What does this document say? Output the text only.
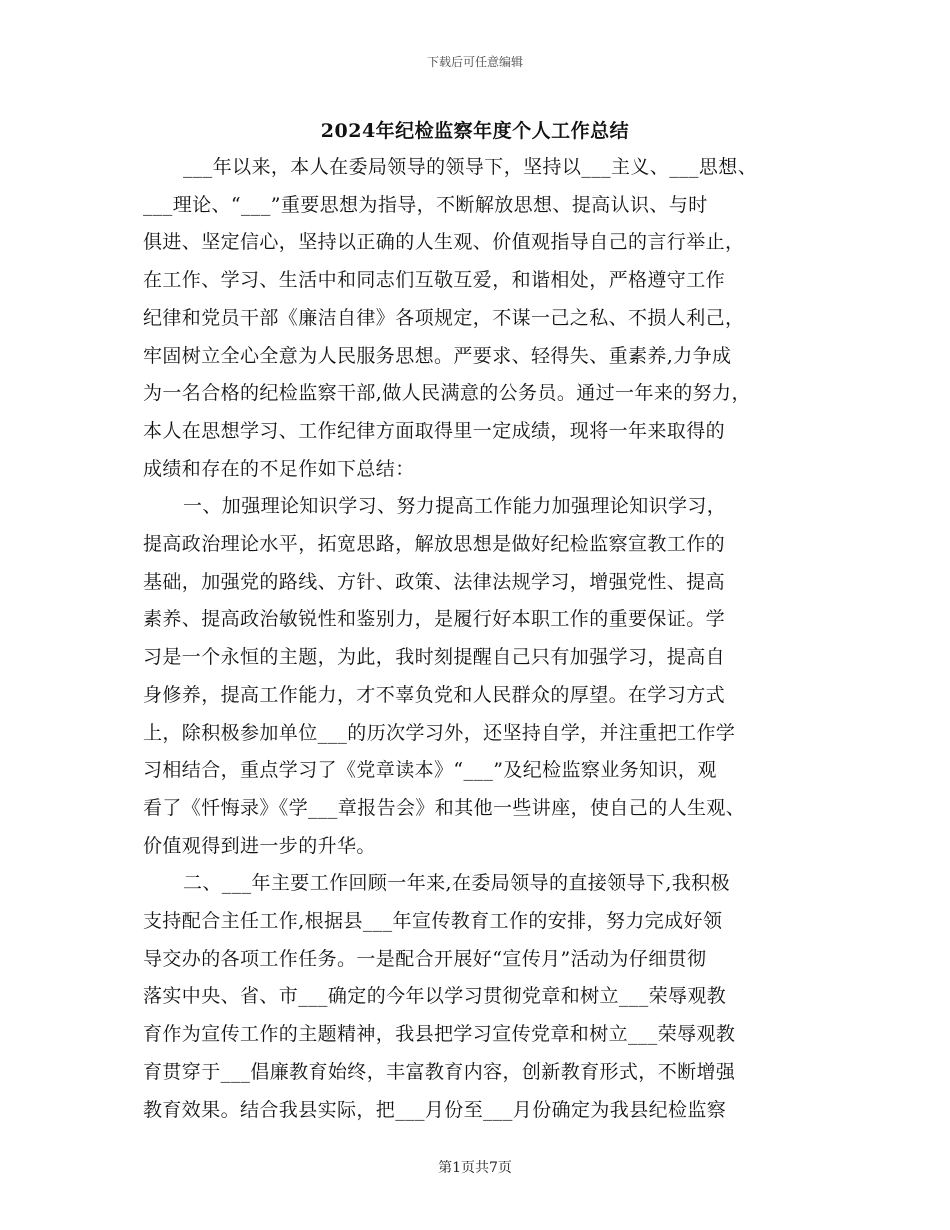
下载后可任意编辑
2024年纪检监察年度个人工作总结
___年以来，本人在委局领导的领导下，坚持以___主义、___思想、
___理论、“___”重要思想为指导，不断解放思想、提高认识、与时
俱进、坚定信心，坚持以正确的人生观、价值观指导自己的言行举止，
在工作、学习、生活中和同志们互敬互爱，和谐相处，严格遵守工作
纪律和党员干部《廉洁自律》各项规定，不谋一己之私、不损人利己，
牢固树立全心全意为人民服务思想。严要求、轻得失、重素养,力争成
为一名合格的纪检监察干部,做人民满意的公务员。通过一年来的努力，
本人在思想学习、工作纪律方面取得里一定成绩，现将一年来取得的
成绩和存在的不足作如下总结：
一、加强理论知识学习、努力提高工作能力加强理论知识学习，
提高政治理论水平，拓宽思路，解放思想是做好纪检监察宣教工作的
基础，加强党的路线、方针、政策、法律法规学习，增强党性、提高
素养、提高政治敏锐性和鉴别力，是履行好本职工作的重要保证。学
习是一个永恒的主题，为此，我时刻提醒自己只有加强学习，提高自
身修养，提高工作能力，才不辜负党和人民群众的厚望。在学习方式
上，除积极参加单位___的历次学习外，还坚持自学，并注重把工作学
习相结合，重点学习了《党章读本》“___”及纪检监察业务知识，观
看了《忏悔录》《学___章报告会》和其他一些讲座，使自己的人生观、
价值观得到进一步的升华。
二、___年主要工作回顾一年来,在委局领导的直接领导下,我积极
支持配合主任工作,根据县___年宣传教育工作的安排，努力完成好领
导交办的各项工作任务。一是配合开展好“宣传月”活动为仔细贯彻
落实中央、省、市___确定的今年以学习贯彻党章和树立___荣辱观教
育作为宣传工作的主题精神，我县把学习宣传党章和树立___荣辱观教
育贯穿于___倡廉教育始终，丰富教育内容，创新教育形式，不断增强
教育效果。结合我县实际，把___月份至___月份确定为我县纪检监察
第1页共7页
